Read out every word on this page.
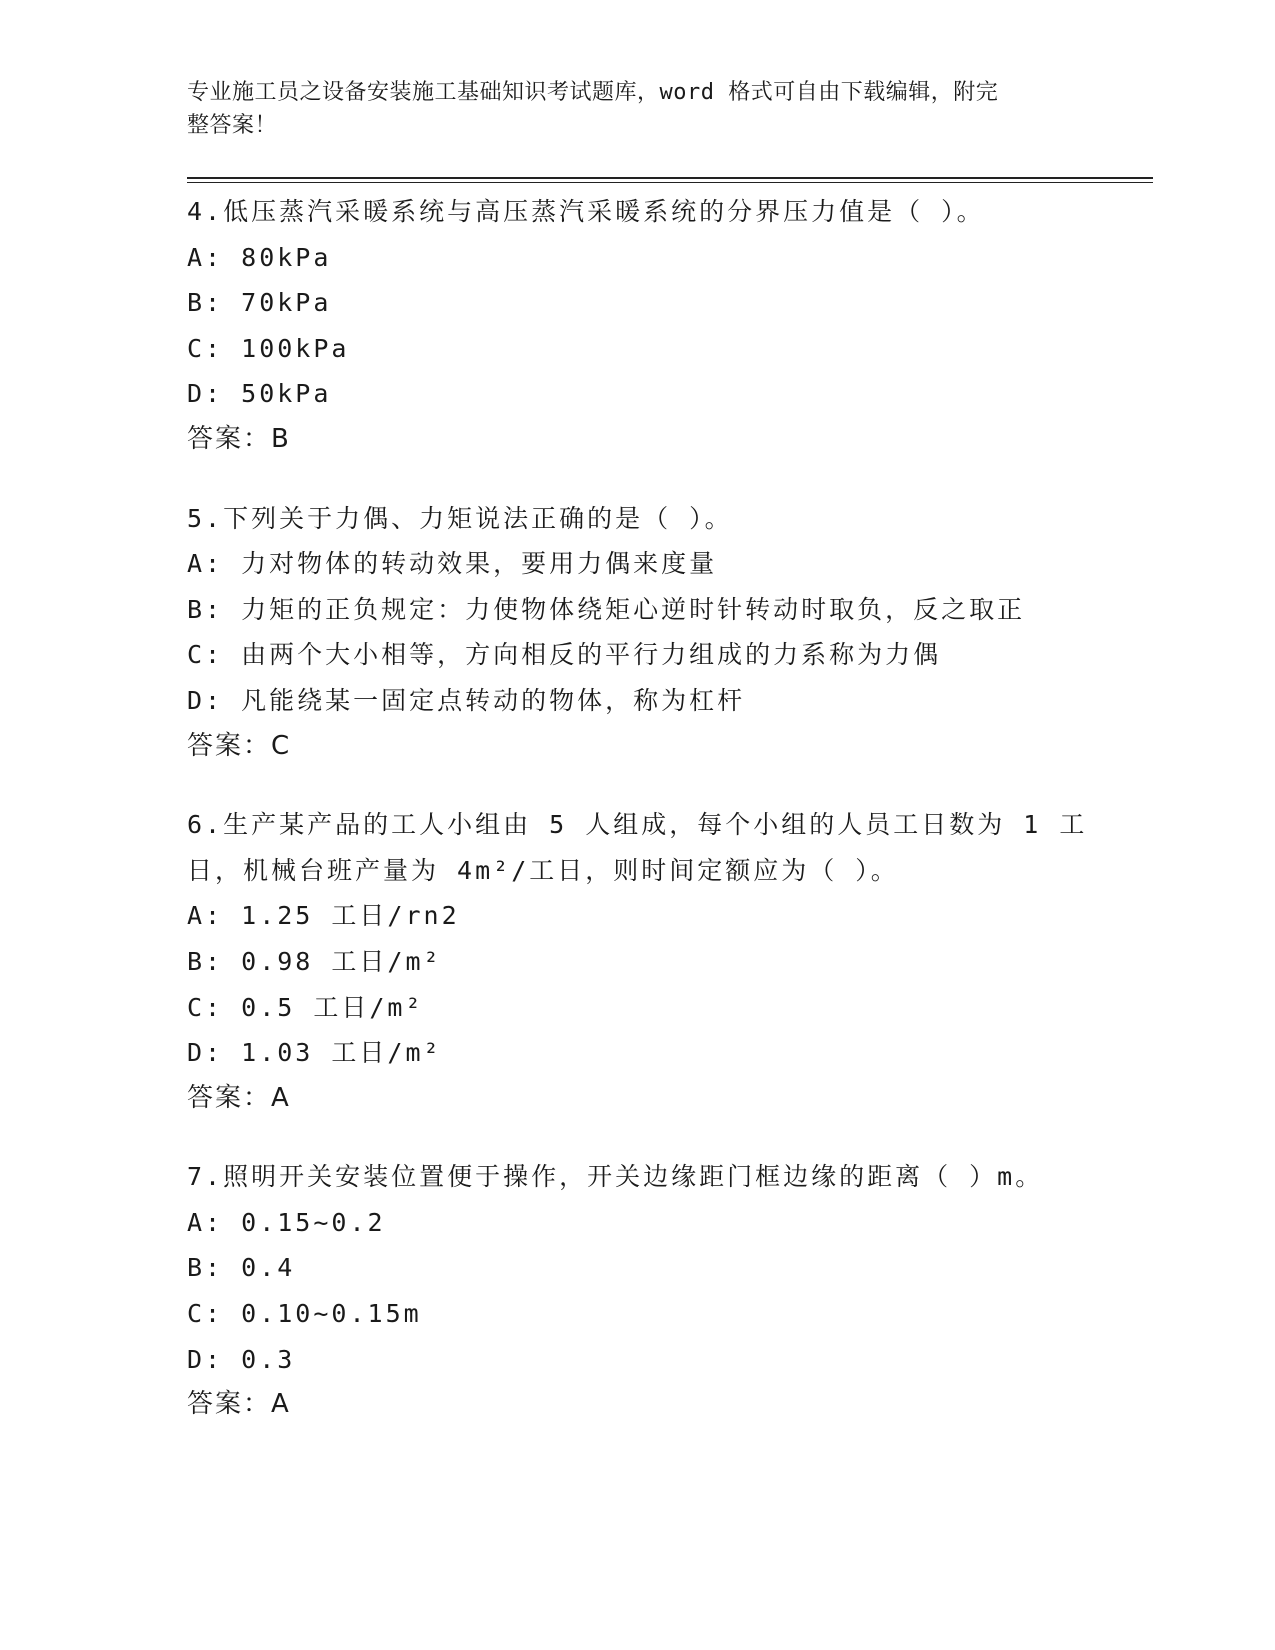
专业施工员之设备安装施工基础知识考试题库，word 格式可自由下载编辑，附完
整答案！
4.低压蒸汽采暖系统与高压蒸汽采暖系统的分界压力值是（ ）。
A: 80kPa
B: 70kPa
C: 100kPa
D: 50kPa
答案：B
5.下列关于力偶、力矩说法正确的是（ ）。
A: 力对物体的转动效果，要用力偶来度量
B: 力矩的正负规定：力使物体绕矩心逆时针转动时取负，反之取正
C: 由两个大小相等，方向相反的平行力组成的力系称为力偶
D: 凡能绕某一固定点转动的物体，称为杠杆
答案：C
6.生产某产品的工人小组由 5 人组成，每个小组的人员工日数为 1 工
日，机械台班产量为 4m²/工日，则时间定额应为（ ）。
A: 1.25 工日/rn2
B: 0.98 工日/m²
C: 0.5 工日/m²
D: 1.03 工日/m²
答案：A
7.照明开关安装位置便于操作，开关边缘距门框边缘的距离（ ）m。
A: 0.15~0.2
B: 0.4
C: 0.10~0.15m
D: 0.3
答案：A
